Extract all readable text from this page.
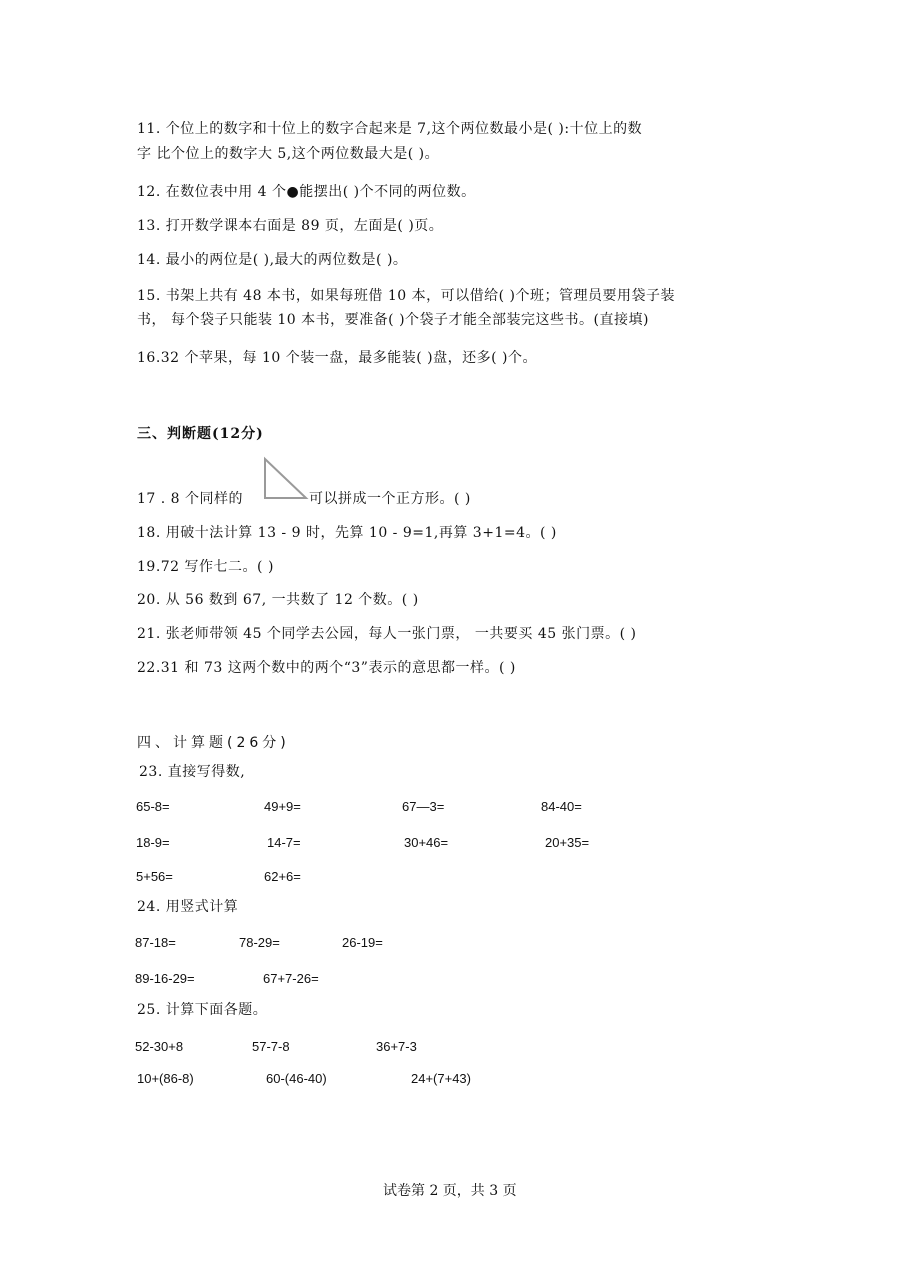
11. 个位上的数字和十位上的数字合起来是 7,这个两位数最小是( ):十位上的数
字 比个位上的数字大 5,这个两位数最大是( )。
12. 在数位表中用 4 个●能摆出( )个不同的两位数。
13. 打开数学课本右面是 89 页，左面是( )页。
14. 最小的两位是( ),最大的两位数是( )。
15. 书架上共有 48 本书，如果每班借 10 本，可以借给( )个班；管理员要用袋子装
书， 每个袋子只能装 10 本书，要准备( )个袋子才能全部装完这些书。(直接填)
16.32 个苹果，每 10 个装一盘，最多能装( )盘，还多( )个。
三、判断题(12分)
17 . 8 个同样的	可以拼成一个正方形。( )
18. 用破十法计算 13 - 9 时，先算 10 - 9=1,再算 3+1=4。( )
19.72 写作七二。( )
20. 从 56 数到 67, 一共数了 12 个数。( )
21. 张老师带领 45 个同学去公园，每人一张门票， 一共要买 45 张门票。( )
22.31 和 73 这两个数中的两个“3”表示的意思都一样。( )
四、计算题(26分)
23. 直接写得数,
65-8=	49+9=	67—3=	84-40=
18-9=	14-7=	30+46=	20+35=
5+56=	62+6=
24. 用竖式计算
87-18=	78-29=	26-19=
89-16-29=	67+7-26=
25. 计算下面各题。
52-30+8	57-7-8	36+7-3
10+(86-8)	60-(46-40)	24+(7+43)
试卷第 2 页，共 3 页
